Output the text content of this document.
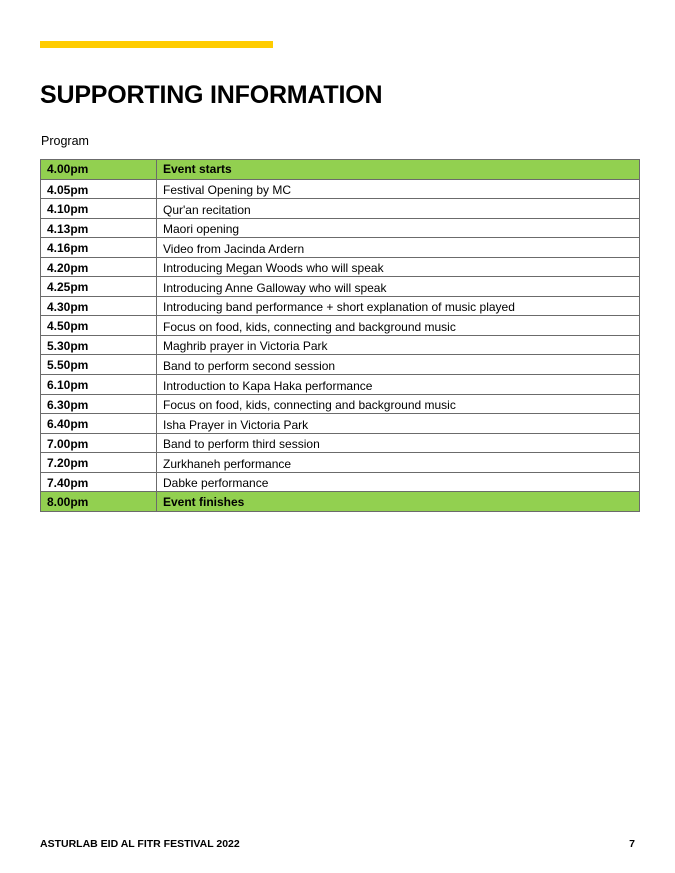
SUPPORTING INFORMATION
Program
4.00pm	Event starts
4.05pm	Festival Opening by MC
4.10pm	Qur'an recitation
4.13pm	Maori opening
4.16pm	Video from Jacinda Ardern
4.20pm	Introducing Megan Woods who will speak
4.25pm	Introducing Anne Galloway who will speak
4.30pm	Introducing band performance + short explanation of music played
4.50pm	Focus on food, kids, connecting and background music
5.30pm	Maghrib prayer in Victoria Park
5.50pm	Band to perform second session
6.10pm	Introduction to Kapa Haka performance
6.30pm	Focus on food, kids, connecting and background music
6.40pm	Isha Prayer in Victoria Park
7.00pm	Band to perform third session
7.20pm	Zurkhaneh performance
7.40pm	Dabke performance
8.00pm	Event finishes
ASTURLAB EID AL FITR FESTIVAL 2022	7
